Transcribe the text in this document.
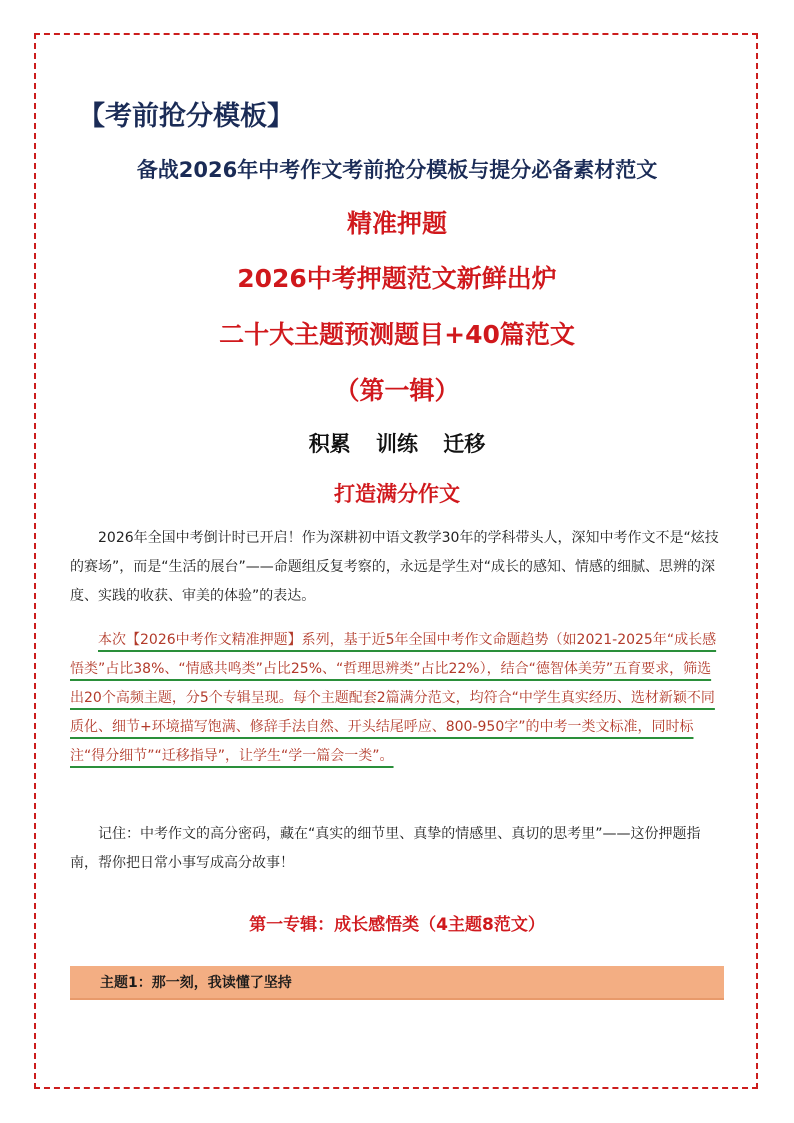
【考前抢分模板】
备战2026年中考作文考前抢分模板与提分必备素材范文
精准押题
2026中考押题范文新鲜出炉
二十大主题预测题目+40篇范文
（第一辑）
积累 训练 迁移
打造满分作文

2026年全国中考倒计时已开启！作为深耕初中语文教学30年的学科带头人，深知中考作文不是“炫技的赛场”，而是“生活的展台”——命题组反复考察的，永远是学生对“成长的感知、情感的细腻、思辨的深度、实践的收获、审美的体验”的表达。

本次【2026中考作文精准押题】系列，基于近5年全国中考作文命题趋势（如2021-2025年“成长感悟类”占比38%、“情感共鸣类”占比25%、“哲理思辨类”占比22%），结合“德智体美劳”五育要求，筛选出20个高频主题，分5个专辑呈现。每个主题配套2篇满分范文，均符合“中学生真实经历、选材新颖不同质化、细节+环境描写饱满、修辞手法自然、开头结尾呼应、800-950字”的中考一类文标准，同时标注“得分细节”“迁移指导”，让学生“学一篇会一类”。

记住：中考作文的高分密码，藏在“真实的细节里、真挚的情感里、真切的思考里”——这份押题指南，帮你把日常小事写成高分故事！

第一专辑：成长感悟类（4主题8范文）
主题1：那一刻，我读懂了坚持
